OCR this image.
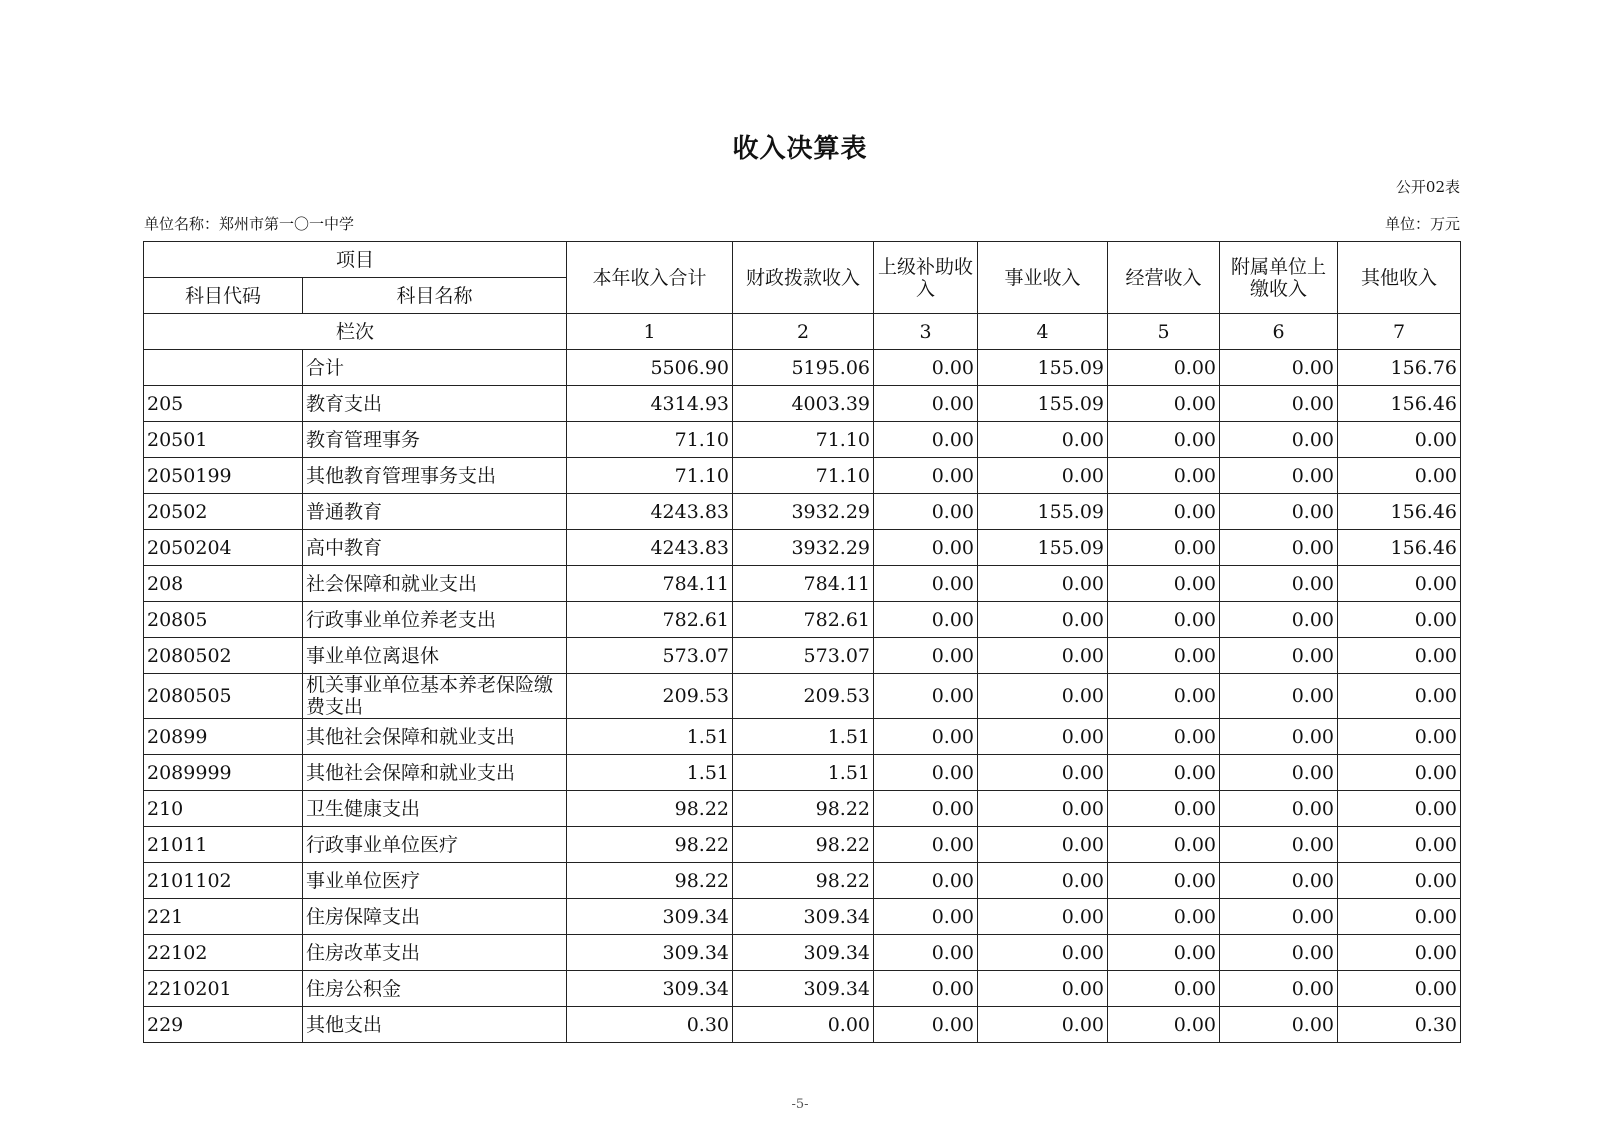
收入决算表
公开02表
单位名称：郑州市第一〇一中学	单位：万元
项目		本年收入合计	财政拨款收入	上级补助收入	事业收入	经营收入	附属单位上缴收入	其他收入
科目代码	科目名称							
栏次		1	2	3	4	5	6	7
	合计	5506.90	5195.06	0.00	155.09	0.00	0.00	156.76
205	教育支出	4314.93	4003.39	0.00	155.09	0.00	0.00	156.46
20501	教育管理事务	71.10	71.10	0.00	0.00	0.00	0.00	0.00
2050199	其他教育管理事务支出	71.10	71.10	0.00	0.00	0.00	0.00	0.00
20502	普通教育	4243.83	3932.29	0.00	155.09	0.00	0.00	156.46
2050204	高中教育	4243.83	3932.29	0.00	155.09	0.00	0.00	156.46
208	社会保障和就业支出	784.11	784.11	0.00	0.00	0.00	0.00	0.00
20805	行政事业单位养老支出	782.61	782.61	0.00	0.00	0.00	0.00	0.00
2080502	事业单位离退休	573.07	573.07	0.00	0.00	0.00	0.00	0.00
2080505	机关事业单位基本养老保险缴费支出	209.53	209.53	0.00	0.00	0.00	0.00	0.00
20899	其他社会保障和就业支出	1.51	1.51	0.00	0.00	0.00	0.00	0.00
2089999	其他社会保障和就业支出	1.51	1.51	0.00	0.00	0.00	0.00	0.00
210	卫生健康支出	98.22	98.22	0.00	0.00	0.00	0.00	0.00
21011	行政事业单位医疗	98.22	98.22	0.00	0.00	0.00	0.00	0.00
2101102	事业单位医疗	98.22	98.22	0.00	0.00	0.00	0.00	0.00
221	住房保障支出	309.34	309.34	0.00	0.00	0.00	0.00	0.00
22102	住房改革支出	309.34	309.34	0.00	0.00	0.00	0.00	0.00
2210201	住房公积金	309.34	309.34	0.00	0.00	0.00	0.00	0.00
229	其他支出	0.30	0.00	0.00	0.00	0.00	0.00	0.30
-5-
